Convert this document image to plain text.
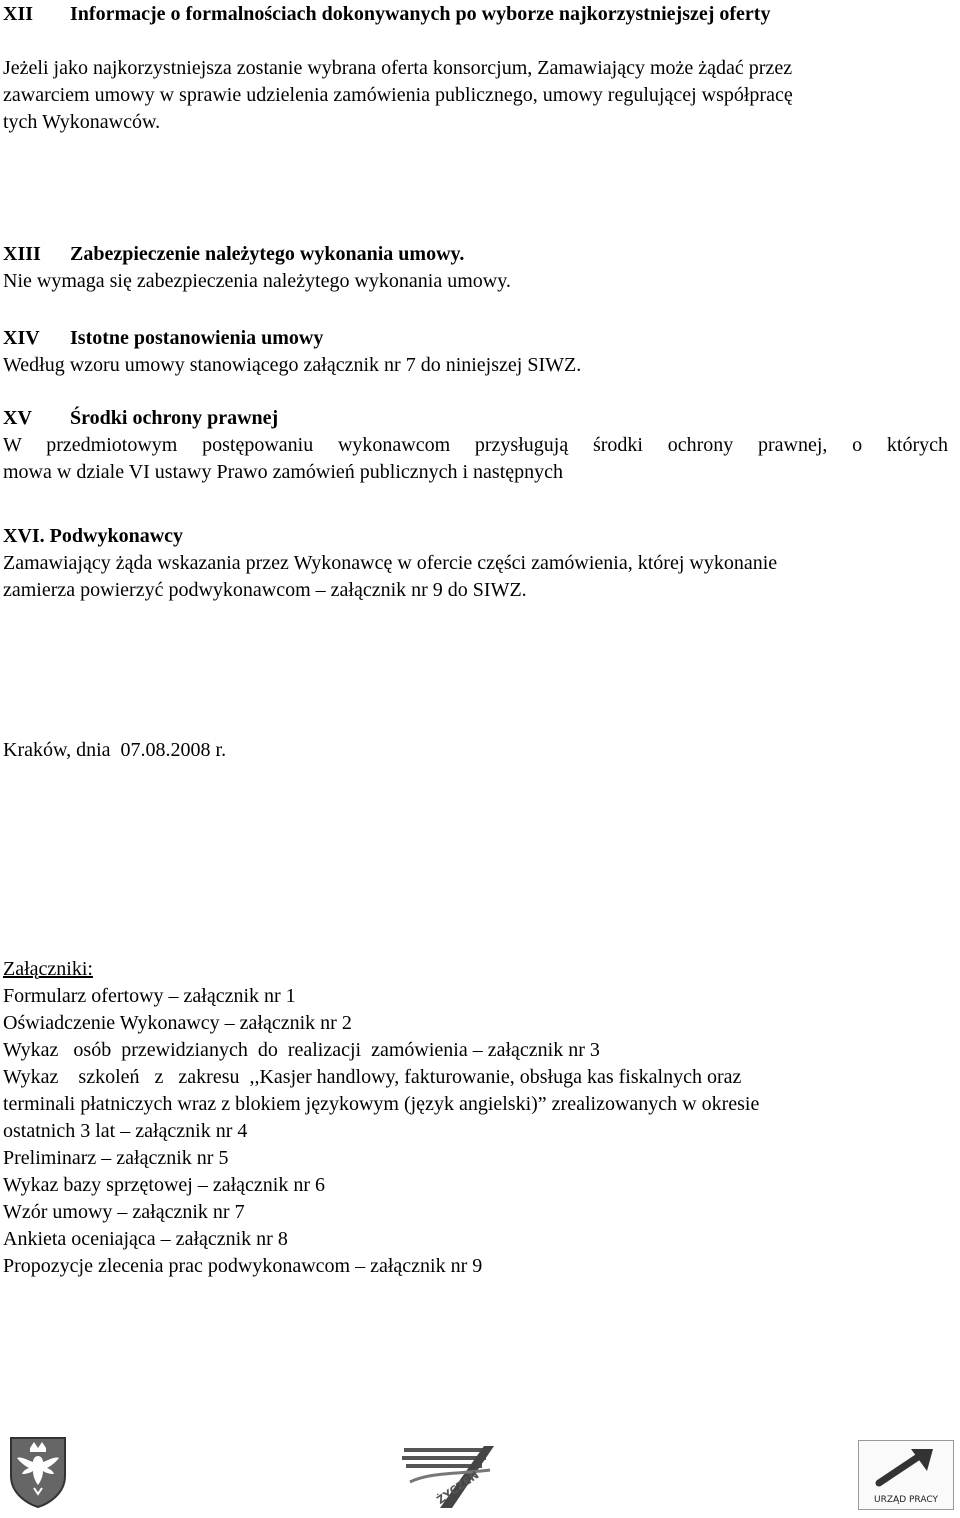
XII	Informacje o formalnościach dokonywanych po wyborze najkorzystniejszej oferty
Jeżeli jako najkorzystniejsza zostanie wybrana oferta konsorcjum, Zamawiający może żądać przez
zawarciem umowy w sprawie udzielenia zamówienia publicznego, umowy regulującej współpracę
tych Wykonawców.
XIII	Zabezpieczenie należytego wykonania umowy.
Nie wymaga się zabezpieczenia należytego wykonania umowy.
XIV	Istotne postanowienia umowy
Według wzoru umowy stanowiącego załącznik nr 7 do niniejszej SIWZ.
XV	Środki ochrony prawnej
W przedmiotowym postępowaniu wykonawcom przysługują środki ochrony prawnej, o których
mowa w dziale VI ustawy Prawo zamówień publicznych i następnych
XVI. Podwykonawcy
Zamawiający żąda wskazania przez Wykonawcę w ofercie części zamówienia, której wykonanie
zamierza powierzyć podwykonawcom – załącznik nr 9 do SIWZ.
Kraków, dnia  07.08.2008 r.
Załączniki:
Formularz ofertowy – załącznik nr 1
Oświadczenie Wykonawcy – załącznik nr 2
Wykaz   osób  przewidzianych  do  realizacji  zamówienia – załącznik nr 3
Wykaz    szkoleń   z   zakresu  ,,Kasjer handlowy, fakturowanie, obsługa kas fiskalnych oraz
terminali płatniczych wraz z blokiem językowym (język angielski)” zrealizowanych w okresie
ostatnich 3 lat – załącznik nr 4
Preliminarz – załącznik nr 5
Wykaz bazy sprzętowej – załącznik nr 6
Wzór umowy – załącznik nr 7
Ankieta oceniająca – załącznik nr 8
Propozycje zlecenia prac podwykonawcom – załącznik nr 9
ŻYCZEN	URZĄD PRACY
